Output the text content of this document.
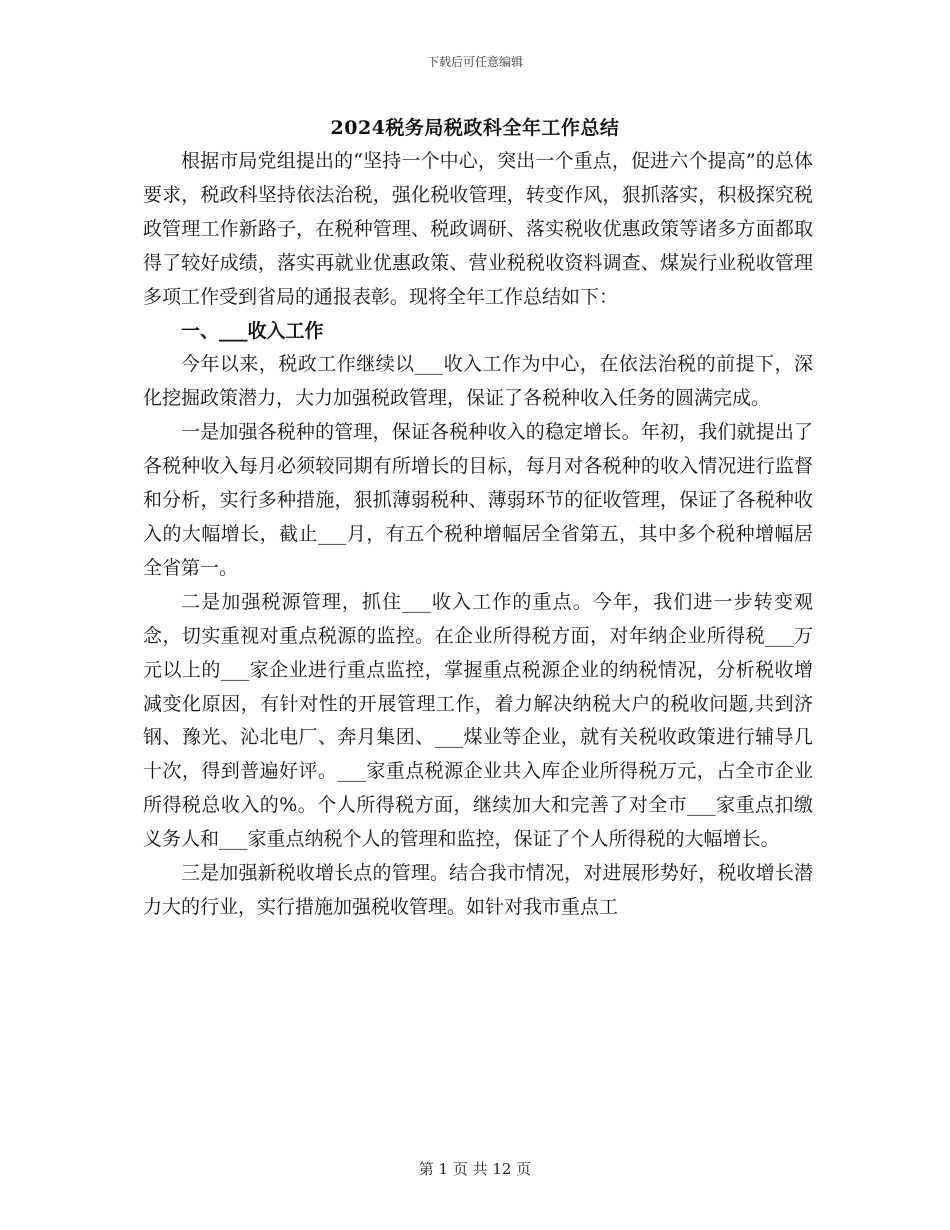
下载后可任意编辑
2024税务局税政科全年工作总结

根据市局党组提出的“坚持一个中心，突出一个重点，促进六个提高”的总体要求，税政科坚持依法治税，强化税收管理，转变作风，狠抓落实，积极探究税政管理工作新路子，在税种管理、税政调研、落实税收优惠政策等诸多方面都取得了较好成绩，落实再就业优惠政策、营业税税收资料调查、煤炭行业税收管理多项工作受到省局的通报表彰。现将全年工作总结如下：

一、___收入工作

今年以来，税政工作继续以___收入工作为中心，在依法治税的前提下，深化挖掘政策潜力，大力加强税政管理，保证了各税种收入任务的圆满完成。

一是加强各税种的管理，保证各税种收入的稳定增长。年初，我们就提出了各税种收入每月必须较同期有所增长的目标，每月对各税种的收入情况进行监督和分析，实行多种措施，狠抓薄弱税种、薄弱环节的征收管理，保证了各税种收入的大幅增长，截止___月，有五个税种增幅居全省第五，其中多个税种增幅居全省第一。

二是加强税源管理，抓住___收入工作的重点。今年，我们进一步转变观念，切实重视对重点税源的监控。在企业所得税方面，对年纳企业所得税___万元以上的___家企业进行重点监控，掌握重点税源企业的纳税情况，分析税收增减变化原因，有针对性的开展管理工作，着力解决纳税大户的税收问题,共到济钢、豫光、沁北电厂、奔月集团、___煤业等企业，就有关税收政策进行辅导几十次，得到普遍好评。___家重点税源企业共入库企业所得税万元，占全市企业所得税总收入的%。个人所得税方面，继续加大和完善了对全市___家重点扣缴义务人和___家重点纳税个人的管理和监控，保证了个人所得税的大幅增长。

三是加强新税收增长点的管理。结合我市情况，对进展形势好，税收增长潜力大的行业，实行措施加强税收管理。如针对我市重点工

第 1 页 共 12 页
